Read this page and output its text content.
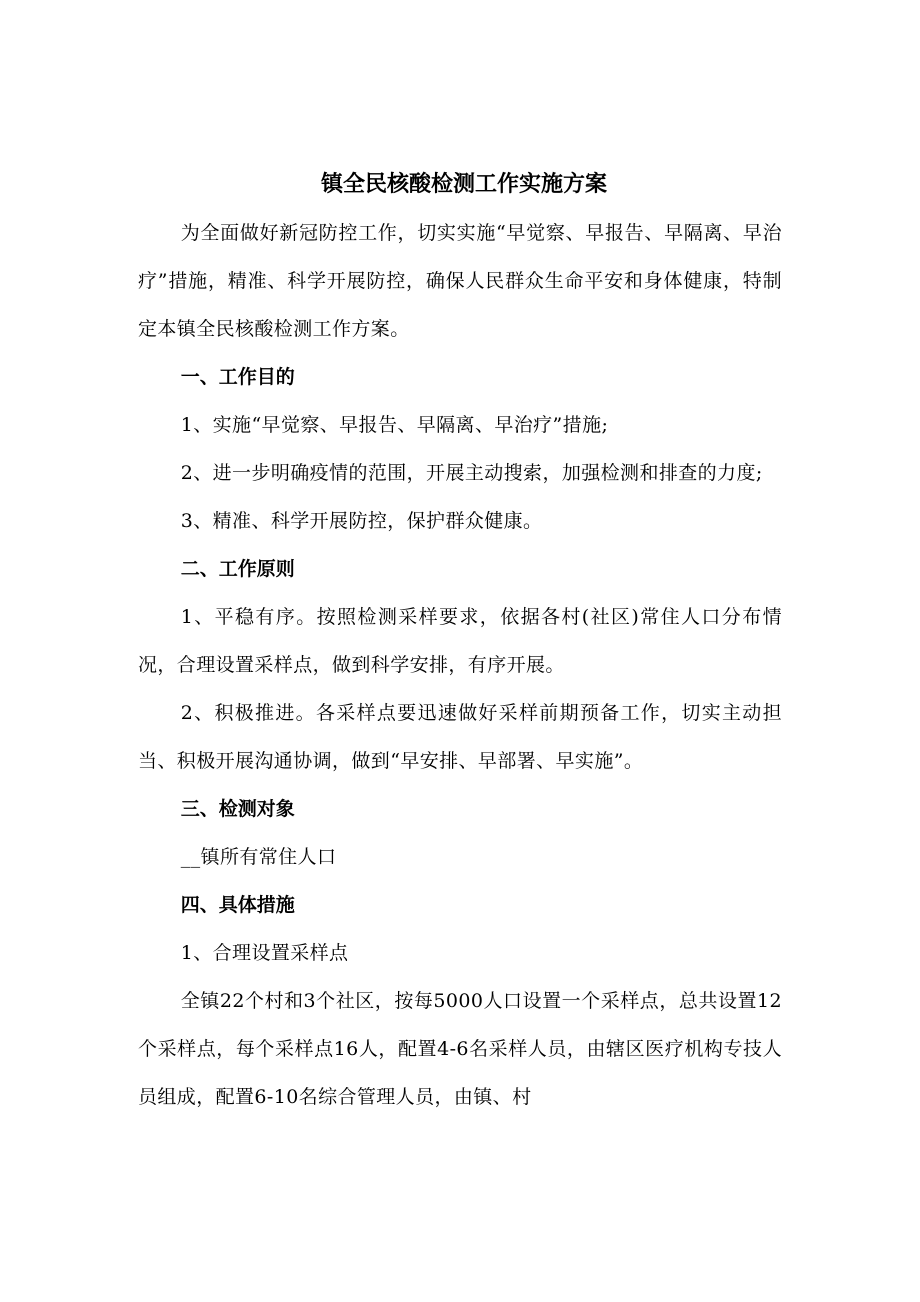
镇全民核酸检测工作实施方案

为全面做好新冠防控工作，切实实施“早觉察、早报告、早隔离、早治疗”措施，精准、科学开展防控，确保人民群众生命平安和身体健康，特制定本镇全民核酸检测工作方案。

一、工作目的

1、实施“早觉察、早报告、早隔离、早治疗”措施;

2、进一步明确疫情的范围，开展主动搜索，加强检测和排查的力度;

3、精准、科学开展防控，保护群众健康。

二、工作原则

1、平稳有序。按照检测采样要求，依据各村(社区)常住人口分布情况，合理设置采样点，做到科学安排，有序开展。

2、积极推进。各采样点要迅速做好采样前期预备工作，切实主动担当、积极开展沟通协调，做到“早安排、早部署、早实施”。

三、检测对象

__镇所有常住人口

四、具体措施

1、合理设置采样点

全镇22个村和3个社区，按每5000人口设置一个采样点，总共设置12个采样点，每个采样点16人，配置4-6名采样人员，由辖区医疗机构专技人员组成，配置6-10名综合管理人员，由镇、村
